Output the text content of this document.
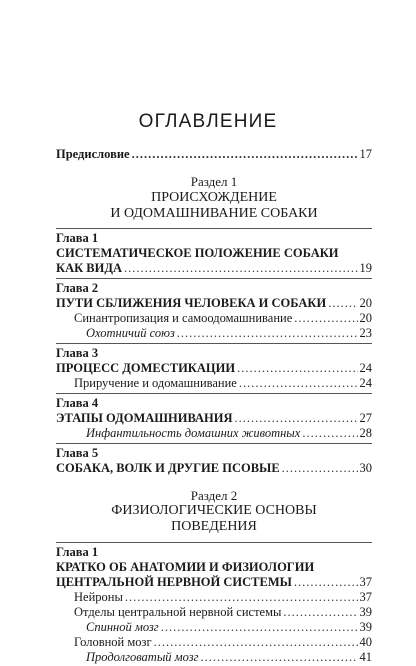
ОГЛАВЛЕНИЕ
Предисловие .....	17
Раздел 1
ПРОИСХОЖДЕНИЕ
И ОДОМАШНИВАНИЕ СОБАКИ
Глава 1
СИСТЕМАТИЧЕСКОЕ ПОЛОЖЕНИЕ СОБАКИ
КАК ВИДА .....	19
Глава 2
ПУТИ СБЛИЖЕНИЯ ЧЕЛОВЕКА И СОБАКИ .....	20
Синантропизация и самоодомашнивание .....	20
Охотничий союз .....	23
Глава 3
ПРОЦЕСС ДОМЕСТИКАЦИИ .....	24
Приручение и одомашнивание .....	24
Глава 4
ЭТАПЫ ОДОМАШНИВАНИЯ .....	27
Инфантильность домашних животных .....	28
Глава 5
СОБАКА, ВОЛК И ДРУГИЕ ПСОВЫЕ .....	30
Раздел 2
ФИЗИОЛОГИЧЕСКИЕ ОСНОВЫ
ПОВЕДЕНИЯ
Глава 1
КРАТКО ОБ АНАТОМИИ И ФИЗИОЛОГИИ
ЦЕНТРАЛЬНОЙ НЕРВНОЙ СИСТЕМЫ .....	37
Нейроны .....	37
Отделы центральной нервной системы .....	39
Спинной мозг .....	39
Головной мозг .....	40
Продолговатый мозг .....	41
